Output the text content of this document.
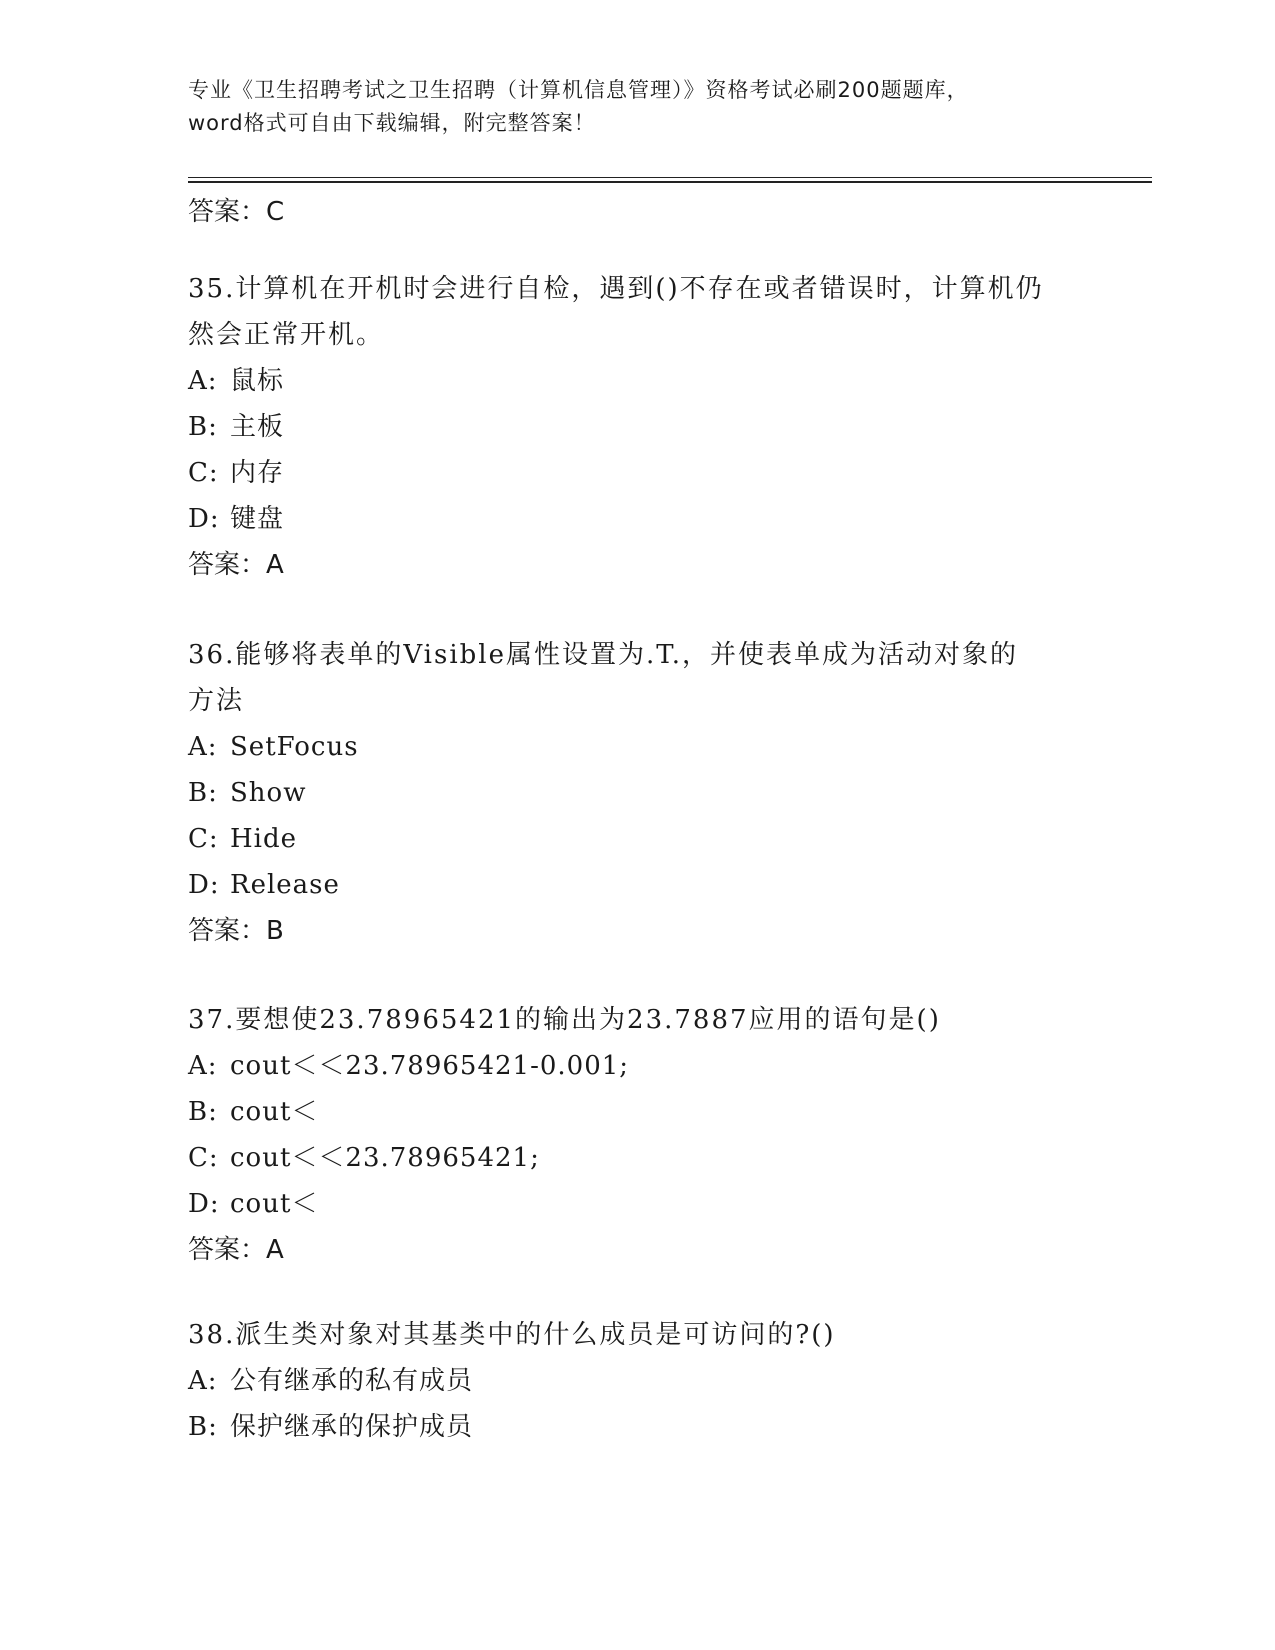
专业《卫生招聘考试之卫生招聘（计算机信息管理）》资格考试必刷200题题库，
word格式可自由下载编辑，附完整答案！
答案：C
35.计算机在开机时会进行自检，遇到()不存在或者错误时，计算机仍
然会正常开机。
A: 鼠标
B: 主板
C: 内存
D: 键盘
答案：A
36.能够将表单的Visible属性设置为.T.，并使表单成为活动对象的
方法
A: SetFocus
B: Show
C: Hide
D: Release
答案：B
37.要想使23.78965421的输出为23.7887应用的语句是()
A: cout＜＜23.78965421-0.001;
B: cout＜
C: cout＜＜23.78965421;
D: cout＜
答案：A
38.派生类对象对其基类中的什么成员是可访问的?()
A: 公有继承的私有成员
B: 保护继承的保护成员
